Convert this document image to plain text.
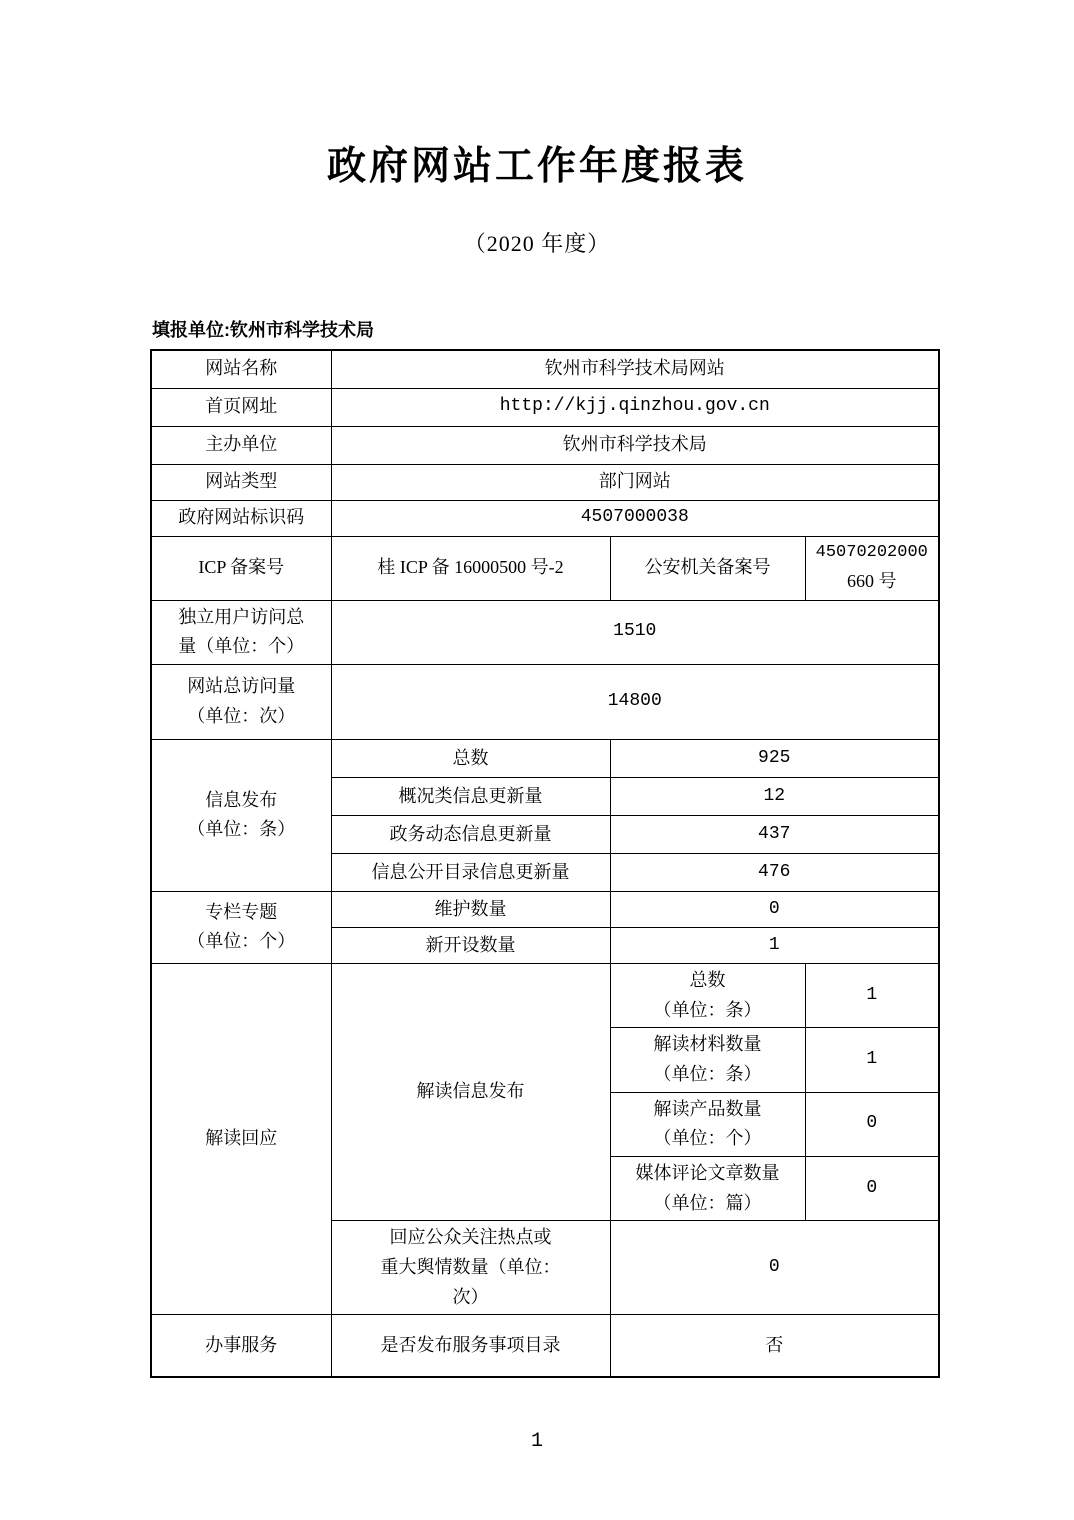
政府网站工作年度报表
（2020 年度）
填报单位:钦州市科学技术局
网站名称	钦州市科学技术局网站		
首页网址	http://kjj.qinzhou.gov.cn		
主办单位	钦州市科学技术局		
网站类型	部门网站		
政府网站标识码	4507000038		
ICP 备案号	桂 ICP 备 16000500 号-2	公安机关备案号	45070202000
660 号

独立用户访问总
量（单位：个）	1510		

网站总访问量
（单位：次）	14800		

信息发布
（单位：条）	总数	925	
	概况类信息更新量	12	
	政务动态信息更新量	437	
	信息公开目录信息更新量	476	

专栏专题
（单位：个）	维护数量	0	
	新开设数量	1	
解读回应	解读信息发布	总数
（单位：条）	1

		解读材料数量
（单位：条）	1

		解读产品数量
（单位：个）	0

		媒体评论文章数量
（单位：篇）	0

	回应公众关注热点或
重大舆情数量（单位：
次）	0	
办事服务	是否发布服务事项目录	否	
1
